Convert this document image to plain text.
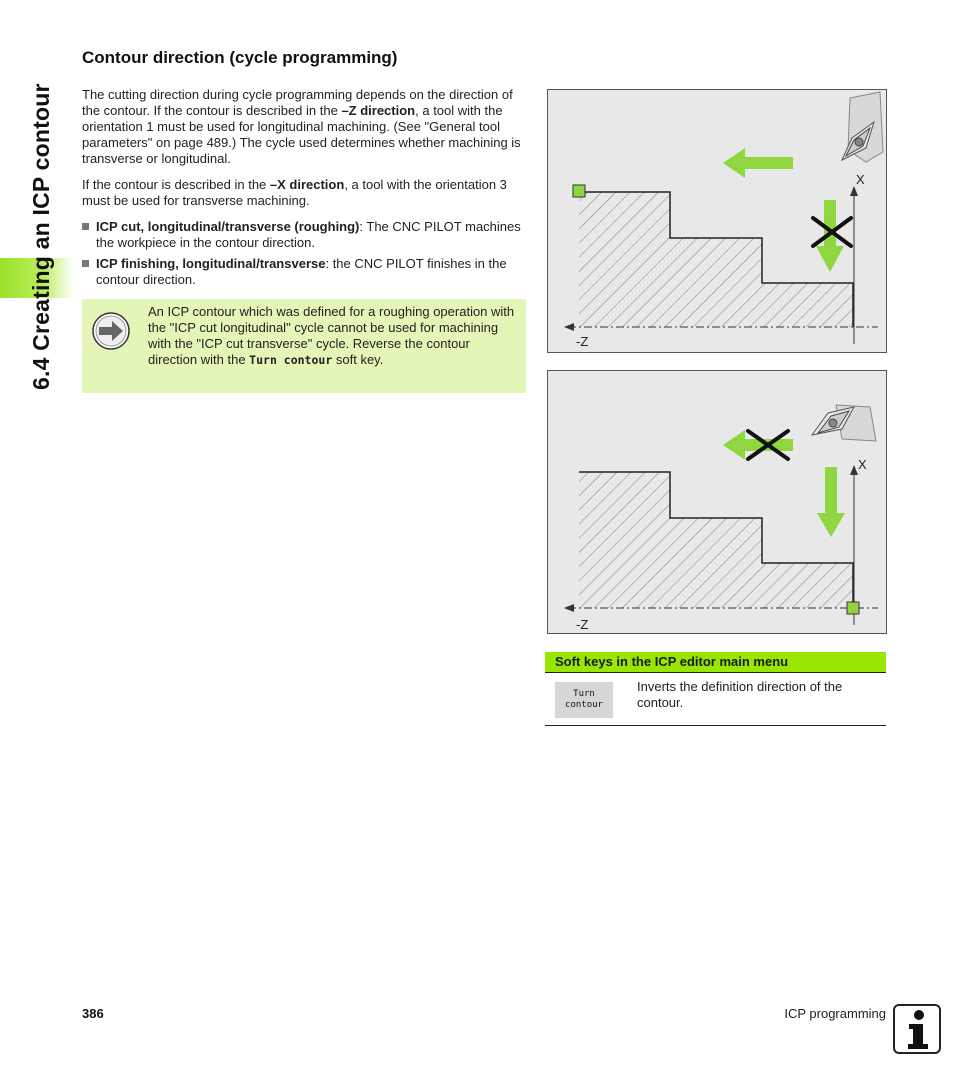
6.4 Creating an ICP contour
Contour direction (cycle programming)

The cutting direction during cycle programming depends on the direction of the contour. If the contour is described in the –Z direction, a tool with the orientation 1 must be used for longitudinal machining. (See "General tool parameters" on page 489.) The cycle used determines whether machining is transverse or longitudinal.

If the contour is described in the –X direction, a tool with the orientation 3 must be used for transverse machining.

ICP cut, longitudinal/transverse (roughing): The CNC PILOT machines the workpiece in the contour direction.
ICP finishing, longitudinal/transverse: the CNC PILOT finishes in the contour direction.
An ICP contour which was defined for a roughing operation with the "ICP cut longitudinal" cycle cannot be used for machining with the "ICP cut transverse" cycle. Reverse the contour direction with the Turn contour soft key.
X
-Z
X
-Z
Soft keys in the ICP editor main menu
Turn
contour
Inverts the definition direction of the contour.
386	ICP programming
